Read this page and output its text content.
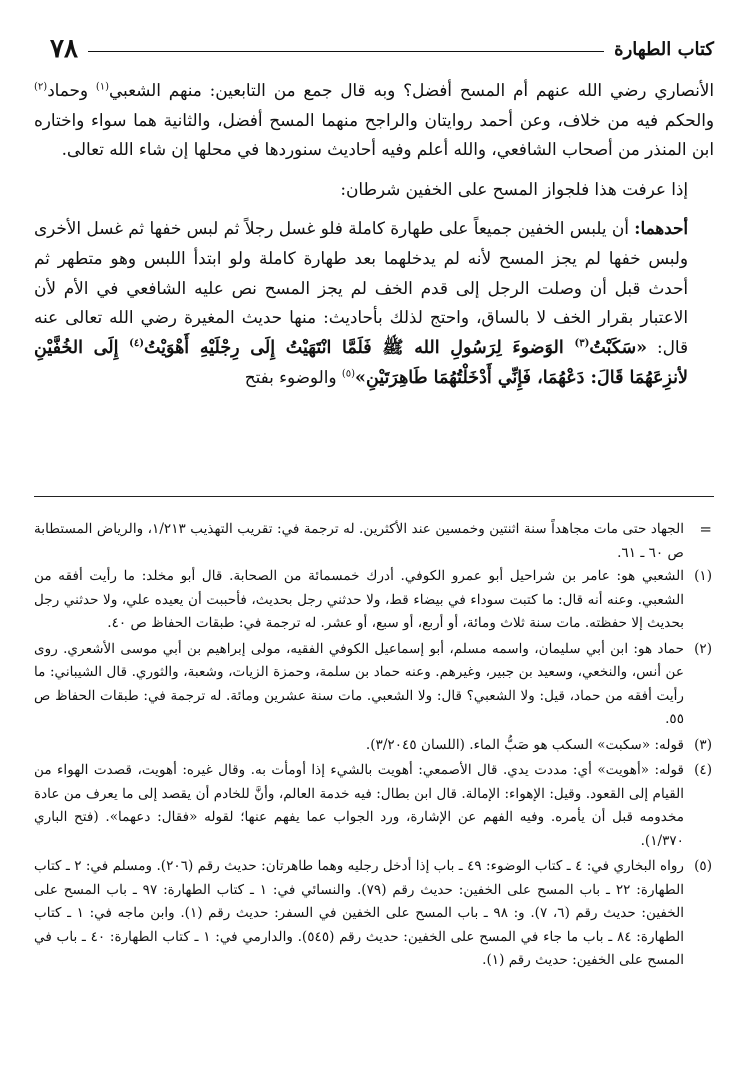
كتاب الطهارة
٧٨

الأنصاري رضي الله عنهم أم المسح أفضل؟ وبه قال جمع من التابعين: منهم الشعبي$^{(١)}$ وحماد$^{(٢)}$ والحكم فيه من خلاف، وعن أحمد روايتان والراجح منهما المسح أفضل، والثانية هما سواء واختاره ابن المنذر من أصحاب الشافعي، والله أعلم وفيه أحاديث سنوردها في محلها إن شاء الله تعالى.

إذا عرفت هذا فلجواز المسح على الخفين شرطان:

أحدهما: أن يلبس الخفين جميعاً على طهارة كاملة فلو غسل رجلاً ثم لبس خفها ثم غسل الأخرى ولبس خفها لم يجز المسح لأنه لم يدخلهما بعد طهارة كاملة ولو ابتدأ اللبس وهو متطهر ثم أحدث قبل أن وصلت الرجل إلى قدم الخف لم يجز المسح نص عليه الشافعي في الأم لأن الاعتبار بقرار الخف لا بالساق، واحتج لذلك بأحاديث: منها حديث المغيرة رضي الله تعالى عنه قال: «سَكَبْتُ$^{(٣)}$ الوَضوءَ لِرَسُولِ الله ﷺ فَلَمَّا انْتَهَيْتُ إِلَى رِجْلَيْهِ أَهْوَيْتُ$^{(٤)}$ إِلَى الخُفَّيْنِ لأنزِعَهُمَا قَالَ: دَعْهُمَا، فَإِنِّي أَدْخَلْتُهُمَا طَاهِرَتَيْنِ»$^{(٥)}$ والوضوء بفتح

=
الجهاد حتى مات مجاهداً سنة اثنتين وخمسين عند الأكثرين. له ترجمة في: تقريب التهذيب ١/٢١٣، والرياض المستطابة ص ٦٠ ـ ٦١.
(١)
الشعبي هو: عامر بن شراحيل أبو عمرو الكوفي. أدرك خمسمائة من الصحابة. قال أبو مخلد: ما رأيت أفقه من الشعبي. وعنه أنه قال: ما كتبت سوداء في بيضاء قط، ولا حدثني رجل بحديث، فأحببت أن يعيده علي، ولا حدثني رجل بحديث إلا حفظته. مات سنة ثلاث ومائة، أو أربع، أو سبع، أو عشر. له ترجمة في: طبقات الحفاظ ص ٤٠.
(٢)
حماد هو: ابن أبي سليمان، واسمه مسلم، أبو إسماعيل الكوفي الفقيه، مولى إبراهيم بن أبي موسى الأشعري. روى عن أنس، والنخعي، وسعيد بن جبير، وغيرهم. وعنه حماد بن سلمة، وحمزة الزيات، وشعبة، والثوري. قال الشيباني: ما رأيت أفقه من حماد، قيل: ولا الشعبي؟ قال: ولا الشعبي. مات سنة عشرين ومائة. له ترجمة في: طبقات الحفاظ ص ٥٥.
(٣)
قوله: «سكبت» السكب هو صَبُّ الماء. (اللسان ٣/٢٠٤٥).
(٤)
قوله: «أهويت» أي: مددت يدي. قال الأصمعي: أهويت بالشيء إذا أومأت به. وقال غيره: أهويت، قصدت الهواء من القيام إلى القعود. وقيل: الإهواء: الإمالة. قال ابن بطال: فيه خدمة العالم، وأنَّ للخادم أن يقصد إلى ما يعرف من عادة مخدومه قبل أن يأمره. وفيه الفهم عن الإشارة، ورد الجواب عما يفهم عنها؛ لقوله «فقال: دعهما». (فتح الباري ١/٣٧٠).
(٥)
رواه البخاري في: ٤ ـ كتاب الوضوء: ٤٩ ـ باب إذا أدخل رجليه وهما طاهرتان: حديث رقم (٢٠٦). ومسلم في: ٢ ـ كتاب الطهارة: ٢٢ ـ باب المسح على الخفين: حديث رقم (٧٩). والنسائي في: ١ ـ كتاب الطهارة: ٩٧ ـ باب المسح على الخفين: حديث رقم (٦، ٧). و: ٩٨ ـ باب المسح على الخفين في السفر: حديث رقم (١). وابن ماجه في: ١ ـ كتاب الطهارة: ٨٤ ـ باب ما جاء في المسح على الخفين: حديث رقم (٥٤٥). والدارمي في: ١ ـ كتاب الطهارة: ٤٠ ـ باب في المسح على الخفين: حديث رقم (١).
